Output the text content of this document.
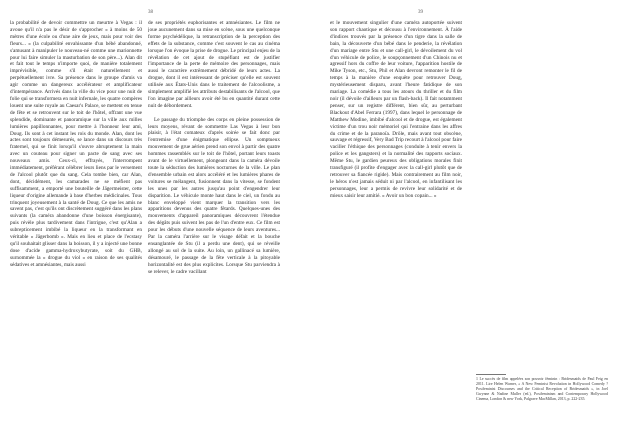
38	39

la probabilité de devoir commettre un meurtre à Vegas : il avoue qu'il n'a pas le désir de s'approcher « à moins de 50 mètres d'une école ou d'une aire de jeux, mais pour voir des fleurs... » (la culpabilité envahissante d'un bébé abandonné, s'amusant à manipuler le nouveau-né comme une marionnette pour lui faire simuler la masturbation de son père...). Alan dit et fait tout le temps n'importe quoi, de manière totalement imprévisible, comme s'il était naturellement et perpétuellement ivre. Sa présence dans le groupe d'amis va agir comme un dangereux accélérateur et amplificateur d'intempérance. Arrivés dans la ville du vice pour une nuit de folie qui se transformera en nuit infernale, les quatre compères louent une suite royale au Caesar's Palace, se mettent en tenue de fête et se retrouvent sur le toit de l'hôtel, offrant une vue splendide, dominante et panoramique sur la ville aux milles lumières papillonnantes, pour mettre à l'honneur leur ami, Doug. Ils sont à cet instant les rois du monde. Alan, dont les actes sont toujours démesurés, se lance dans un discours très fraternel, qui se finit lorsqu'il s'ouvre abruptement la main avec un couteau pour signer un pacte de sang avec ses nouveaux amis. Ceux-ci, effrayés, l'interrompent immédiatement, préférant célébrer leurs liens par le versement de l'alcool plutôt que du sang. Cela tombe bien, car Alan, dont, décidément, les camarades ne se méfient pas suffisamment, a emporté une bouteille de Jägermeister, cette liqueur d'origine allemande à base d'herbes médicinales. Tous trinquent joyeusement à la santé de Doug. Ce que les amis ne savent pas, c'est qu'ils ont discrètement suggéré dans les plans suivants (la caméra abandonne d'une boisson énergisante), puis révèle plus tardivement dans l'intrigue, c'est qu'Alan a subrepticement imbibé la liqueur en la transformant en véritable « Jägerbomb ». Mais en lieu et place de l'ecstasy qu'il souhaitait glisser dans la boisson, il y a injecté une bonne dose d'acide gamma-hydroxybutyrate, soit du GHB, surnommée la « drogue du viol » en raison de ses qualités sédatives et amnésiantes, mais aussi

de ses propriétés euphorisantes et amnésiantes. Le film ne joue aucunement dans sa mise en scène, sous une quelconque forme psychédélique, la retranscription de la perception des effets de la substance, comme c'est souvent le cas au cinéma lorsque l'on évoque la prise de drogue. Le principal enjeu de la révélation de cet ajout de stupéfiant est de justifier l'importance de la perte de mémoire des personnages, mais aussi le caractère extrêmement débridé de leurs actes. La drogue, dont il est intéressant de préciser qu'elle est souvent utilisée aux États-Unis dans le traitement de l'alcoolisme, a simplement amplifié les attributs destabilisants de l'alcool, que l'on imagine par ailleurs avoir été bu en quantité durant cette nuit de débordement.

Le passage du triomphe des corps en pleine possession de leurs moyens, révant de sommettre Las Vegas à leur bon plaisir, à l'état comateux d'après soirée se fait donc par l'entremise d'une énigmatique ellipse. Un somptueux mouvement de grue aérien prend son envol à partir des quatre hommes rassemblés sur le toit de l'hôtel, portant leurs toasts avant de le virtuellement, plongeant dans la caméra dévoile toute la séduction des lumières nocturnes de la ville. Le plan d'ensemble urbain est alors accéléré et les lumières phares de voitures se mélangent, fusionnent dans la vitesse, se fondent les unes par les autres jusqu'au point d'engendrer leur disparition. Le véhicule monte haut dans le ciel, un fondu au blanc enveloppé vient marquer la transition vers les apparitions devenus des quatre fêtards. Quelques-unes des mouvements d'appareil panoramiques découvrent l'étendue des dégâts puis suivent les pas de l'un d'entre eux. Ce film est pour les débuts d'une nouvelle séquence de leurs aventures... Par la caméra l'arrière sur le visage défait et la bouche ensanglantée de Stu (il a perdu une dent), qui se réveille allongé au sol de la suite. Au loin, un gallinacé sa lumière, désamouré, le passage de la fête verticale à la pitoyable horizontalité est des plus explicites. Lorsque Stu parviendra à se relever, le cadre vacillant

et le mouvement singulier d'une caméra autoportée suivent son rapport chaotique et décousu à l'environnement. À l'aide d'indices trouvés par la présence d'un tigre dans la salle de bain, la découverte d'un bébé dans le penderie, la révélation d'un mariage entre Stu et une call-girl, le dévoilement du vol d'un véhicule de police, le soupçonnement d'un Chinois nu et agressif hors du coffre de leur voiture, l'apparition hostile de Mike Tyson, etc., Stu, Phil et Alan devront remonter le fil de temps à la manière d'une enquête pour retrouver Doug, mystérieusement disparu, avant l'heure fatidique de son mariage. La comédie a tous les atours du thriller et du film noir (il dévoile d'ailleurs par un flash-back). Il fait notamment penser, sur un registre différent, bien sûr, au perturbant Blackout d'Abel Ferrara (1997), dans lequel le personnage de Matthew Modine, imbibé d'alcool et de drogue, est également victime d'un trou noir mémoriel qui l'entraine dans les affres du crime et de la paranoïa. Drôle, mais avant tout obscène, sauvage et régressif, Very Bad Trip recourt à l'alcool pour faire vaciller l'éthique des personnages (conduite à tenir envers la police et les gangsters) et la normalité des rapports sociaux. Même Stu, le gardien peureux des obligations morales finit transfiguré (il profite d'engager avec la call-girl plutôt que de retrouver sa fiancée rigide). Mais contrairement au film noir, le héros n'est jamais séduit ni par l'alcool, en infantilisant les personnages, leur a permis de revivre leur solidarité et de mieux saisir leur amitié. « Avoir un bon copain... »

1 Le succès de film appelées son pouvoir féminin : Bridesmaids de Paul Feig en 2011. Lire Helen Warner, « A New Feminist Revolution in Hollywood Comedy ? Postfeminist Discourses and the Critical Reception of Bridesmaids », in Joel Gwynne & Nadine Muller (ed.), Postfeminism and Contemporary Hollywood Cinema, London & new York, Palgrave MacMillan, 2013, p. 222-235.
